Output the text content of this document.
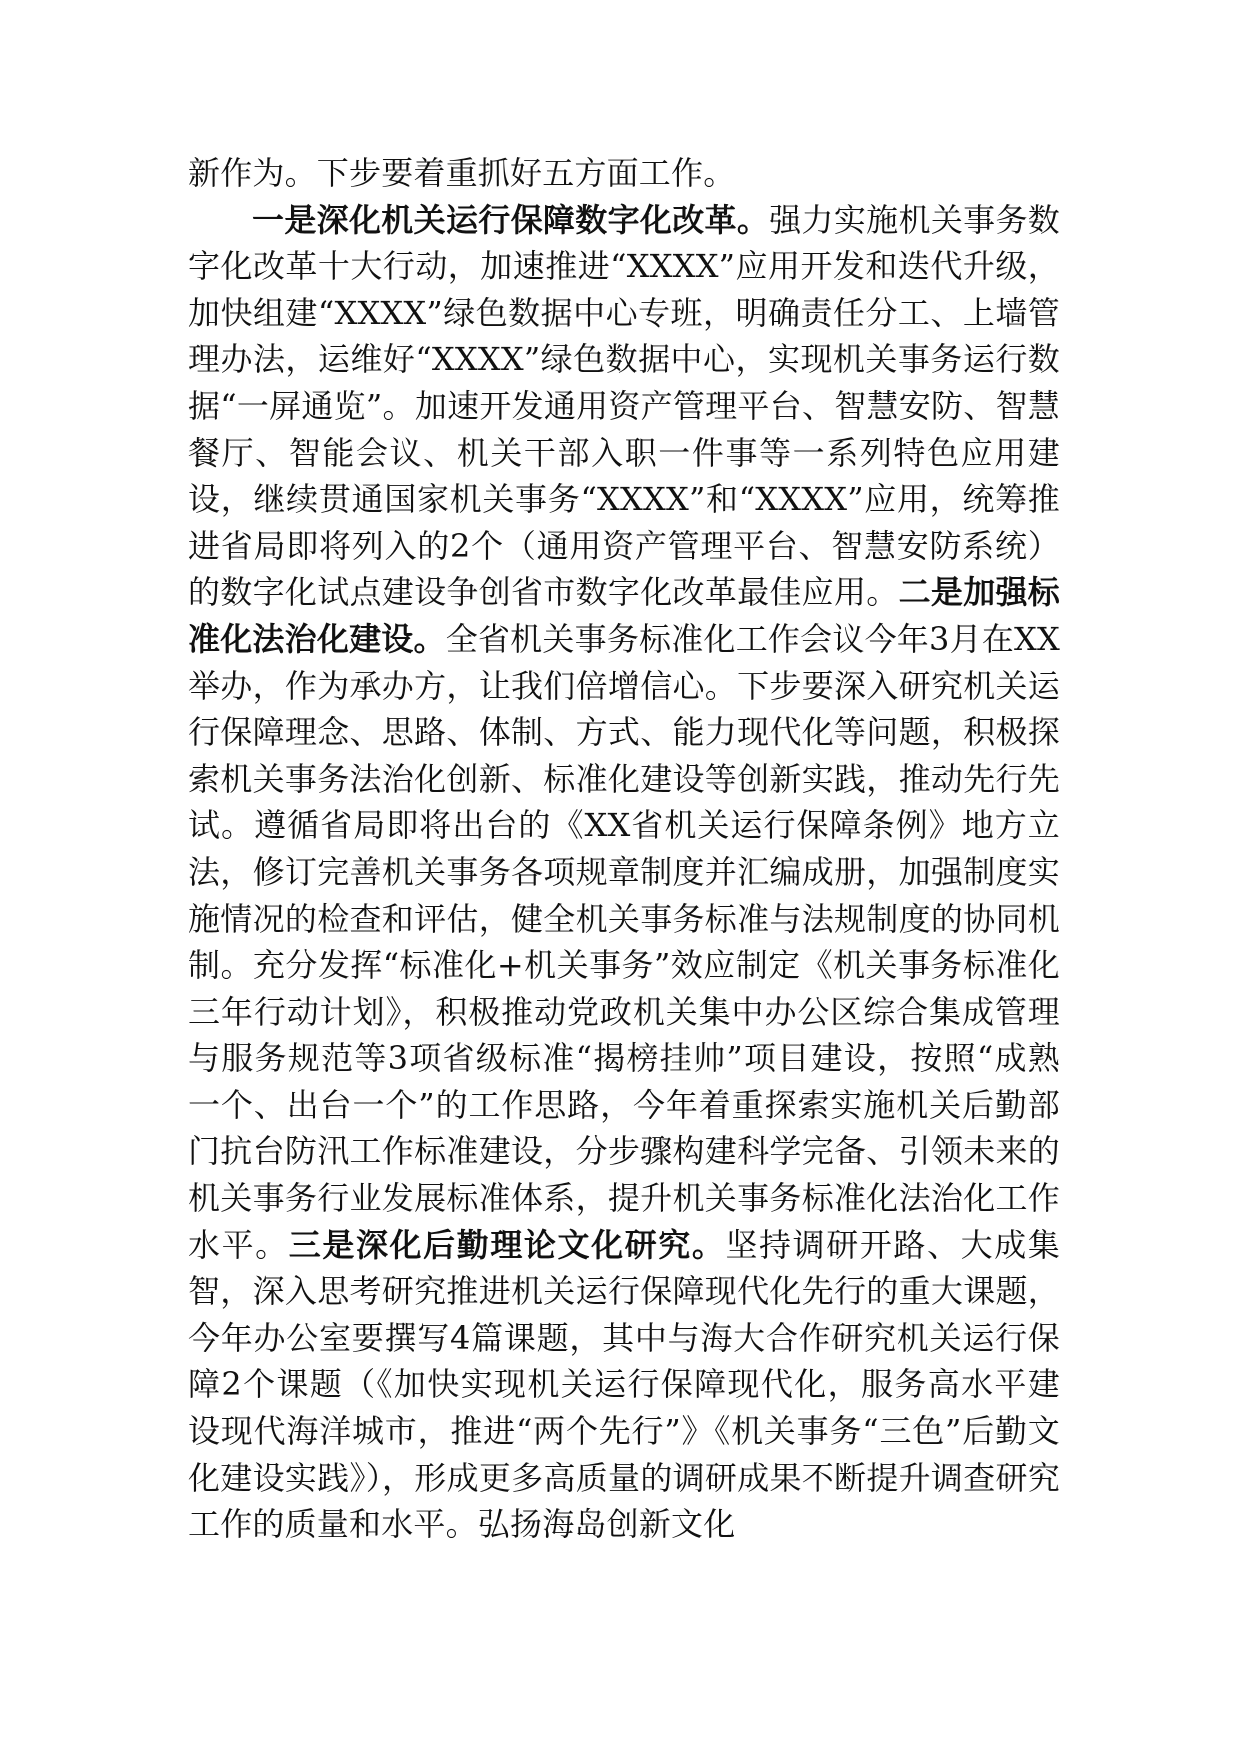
新作为。下步要着重抓好五方面工作。

一是深化机关运行保障数字化改革。强力实施机关事务数字化改革十大行动，加速推进“XXXX”应用开发和迭代升级，加快组建“XXXX”绿色数据中心专班，明确责任分工、上墙管理办法，运维好“XXXX”绿色数据中心，实现机关事务运行数据“一屏通览”。加速开发通用资产管理平台、智慧安防、智慧餐厅、智能会议、机关干部入职一件事等一系列特色应用建设，继续贯通国家机关事务“XXXX”和“XXXX”应用，统筹推进省局即将列入的2个（通用资产管理平台、智慧安防系统）的数字化试点建设争创省市数字化改革最佳应用。二是加强标准化法治化建设。全省机关事务标准化工作会议今年3月在XX举办，作为承办方，让我们倍增信心。下步要深入研究机关运行保障理念、思路、体制、方式、能力现代化等问题，积极探索机关事务法治化创新、标准化建设等创新实践，推动先行先试。遵循省局即将出台的《XX省机关运行保障条例》地方立法，修订完善机关事务各项规章制度并汇编成册，加强制度实施情况的检查和评估，健全机关事务标准与法规制度的协同机制。充分发挥“标准化+机关事务”效应制定《机关事务标准化三年行动计划》，积极推动党政机关集中办公区综合集成管理与服务规范等3项省级标准“揭榜挂帅”项目建设，按照“成熟一个、出台一个”的工作思路，今年着重探索实施机关后勤部门抗台防汛工作标准建设，分步骤构建科学完备、引领未来的机关事务行业发展标准体系，提升机关事务标准化法治化工作水平。三是深化后勤理论文化研究。坚持调研开路、大成集智，深入思考研究推进机关运行保障现代化先行的重大课题，今年办公室要撰写4篇课题，其中与海大合作研究机关运行保障2个课题（《加快实现机关运行保障现代化，服务高水平建设现代海洋城市，推进“两个先行”》《机关事务“三色”后勤文化建设实践》），形成更多高质量的调研成果不断提升调查研究工作的质量和水平。弘扬海岛创新文化
